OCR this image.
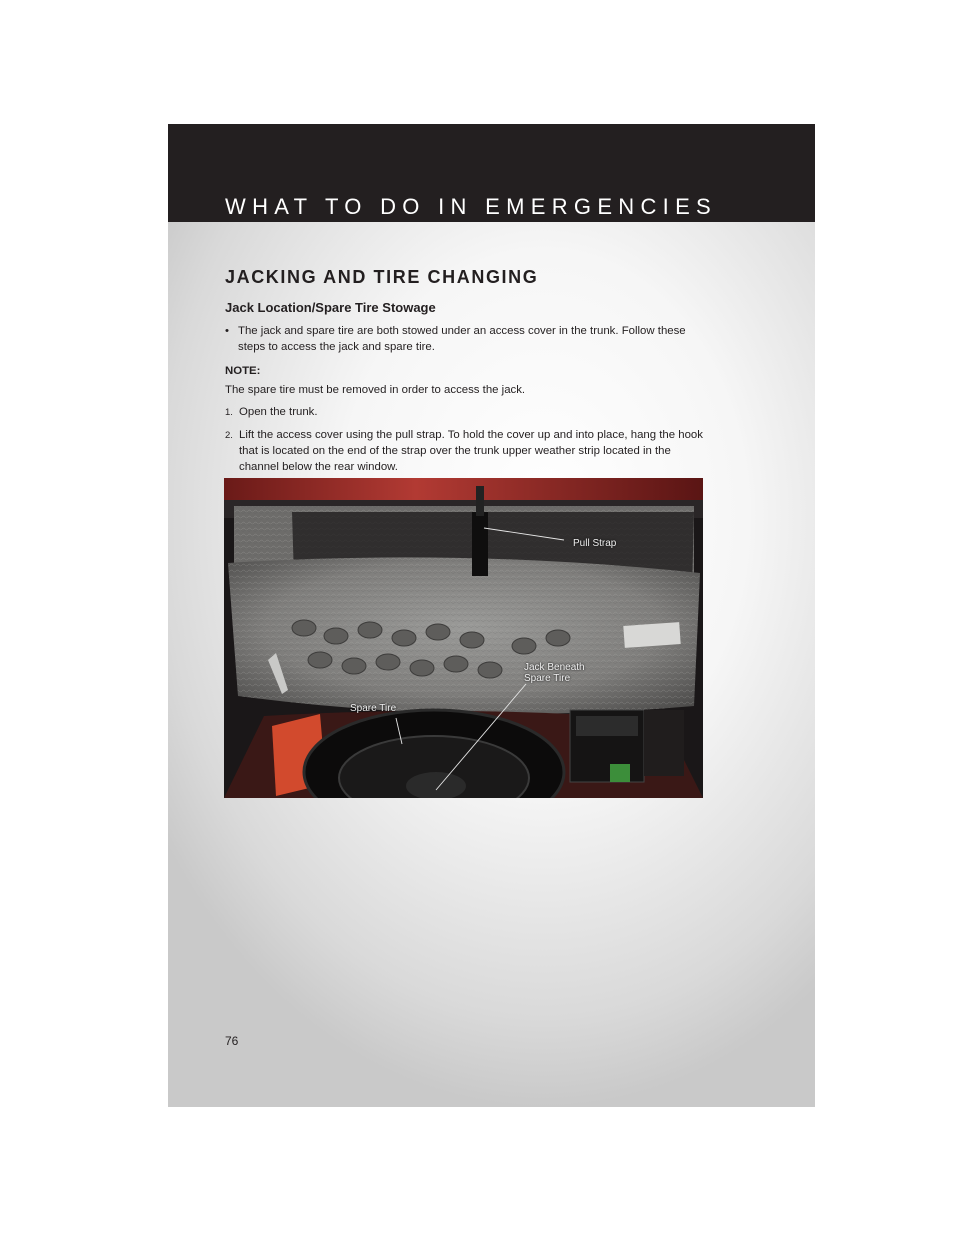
WHAT TO DO IN EMERGENCIES
JACKING AND TIRE CHANGING
Jack Location/Spare Tire Stowage
• The jack and spare tire are both stowed under an access cover in the trunk. Follow these steps to access the jack and spare tire.
NOTE:
The spare tire must be removed in order to access the jack.
1. Open the trunk.
2. Lift the access cover using the pull strap. To hold the cover up and into place, hang the hook that is located on the end of the strap over the trunk upper weather strip located in the channel below the rear window.
Pull Strap
Jack Beneath
Spare Tire
Spare Tire
76
